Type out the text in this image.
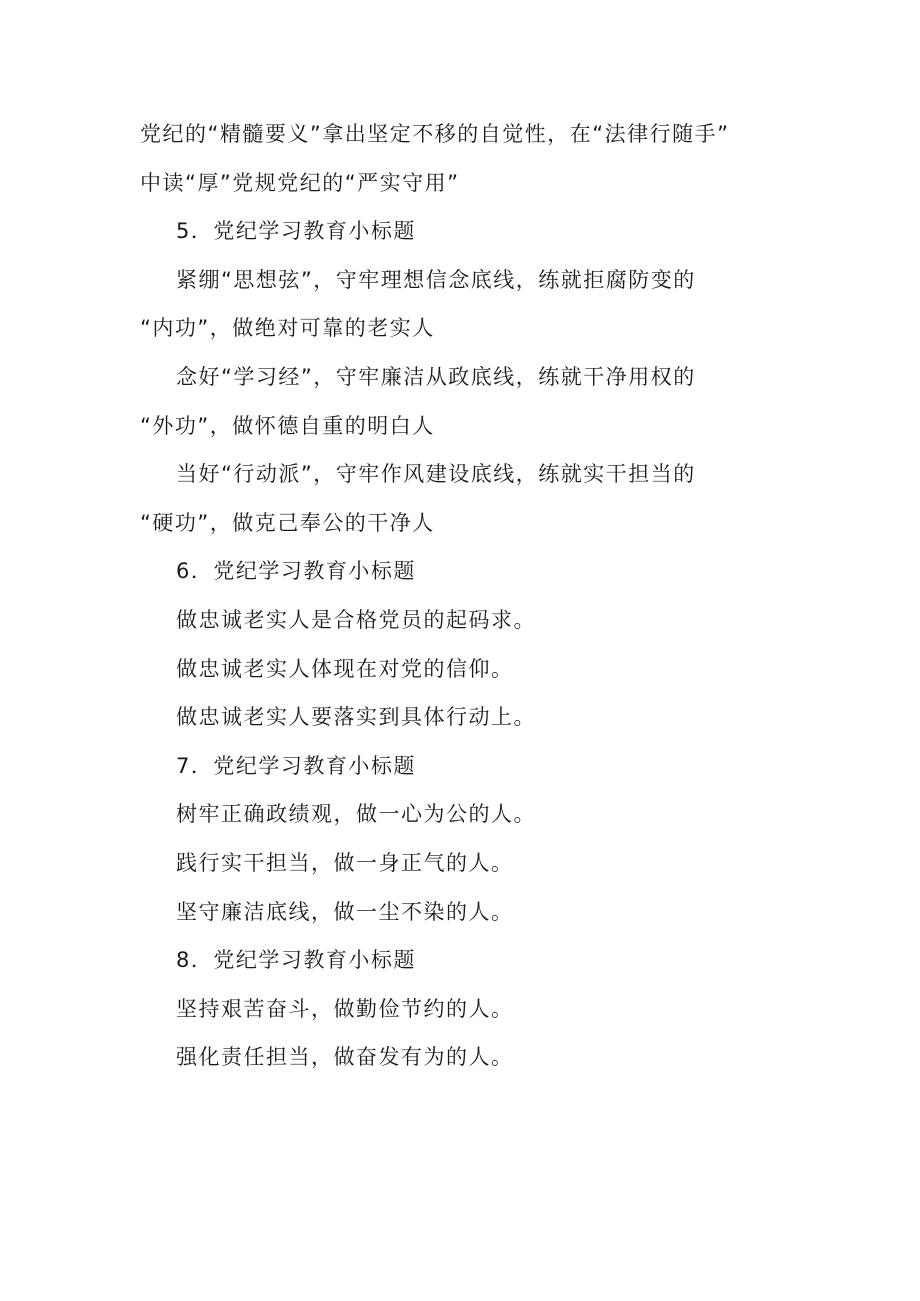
党纪的“精髓要义”拿出坚定不移的自觉性，在“法律行随手”
中读“厚”党规党纪的“严实守用”
5．党纪学习教育小标题
紧绷“思想弦”，守牢理想信念底线，练就拒腐防变的
“内功”，做绝对可靠的老实人
念好“学习经”，守牢廉洁从政底线，练就干净用权的
“外功”，做怀德自重的明白人
当好“行动派”，守牢作风建设底线，练就实干担当的
“硬功”，做克己奉公的干净人
6．党纪学习教育小标题
做忠诚老实人是合格党员的起码求。
做忠诚老实人体现在对党的信仰。
做忠诚老实人要落实到具体行动上。
7．党纪学习教育小标题
树牢正确政绩观，做一心为公的人。
践行实干担当，做一身正气的人。
坚守廉洁底线，做一尘不染的人。
8．党纪学习教育小标题
坚持艰苦奋斗，做勤俭节约的人。
强化责任担当，做奋发有为的人。
